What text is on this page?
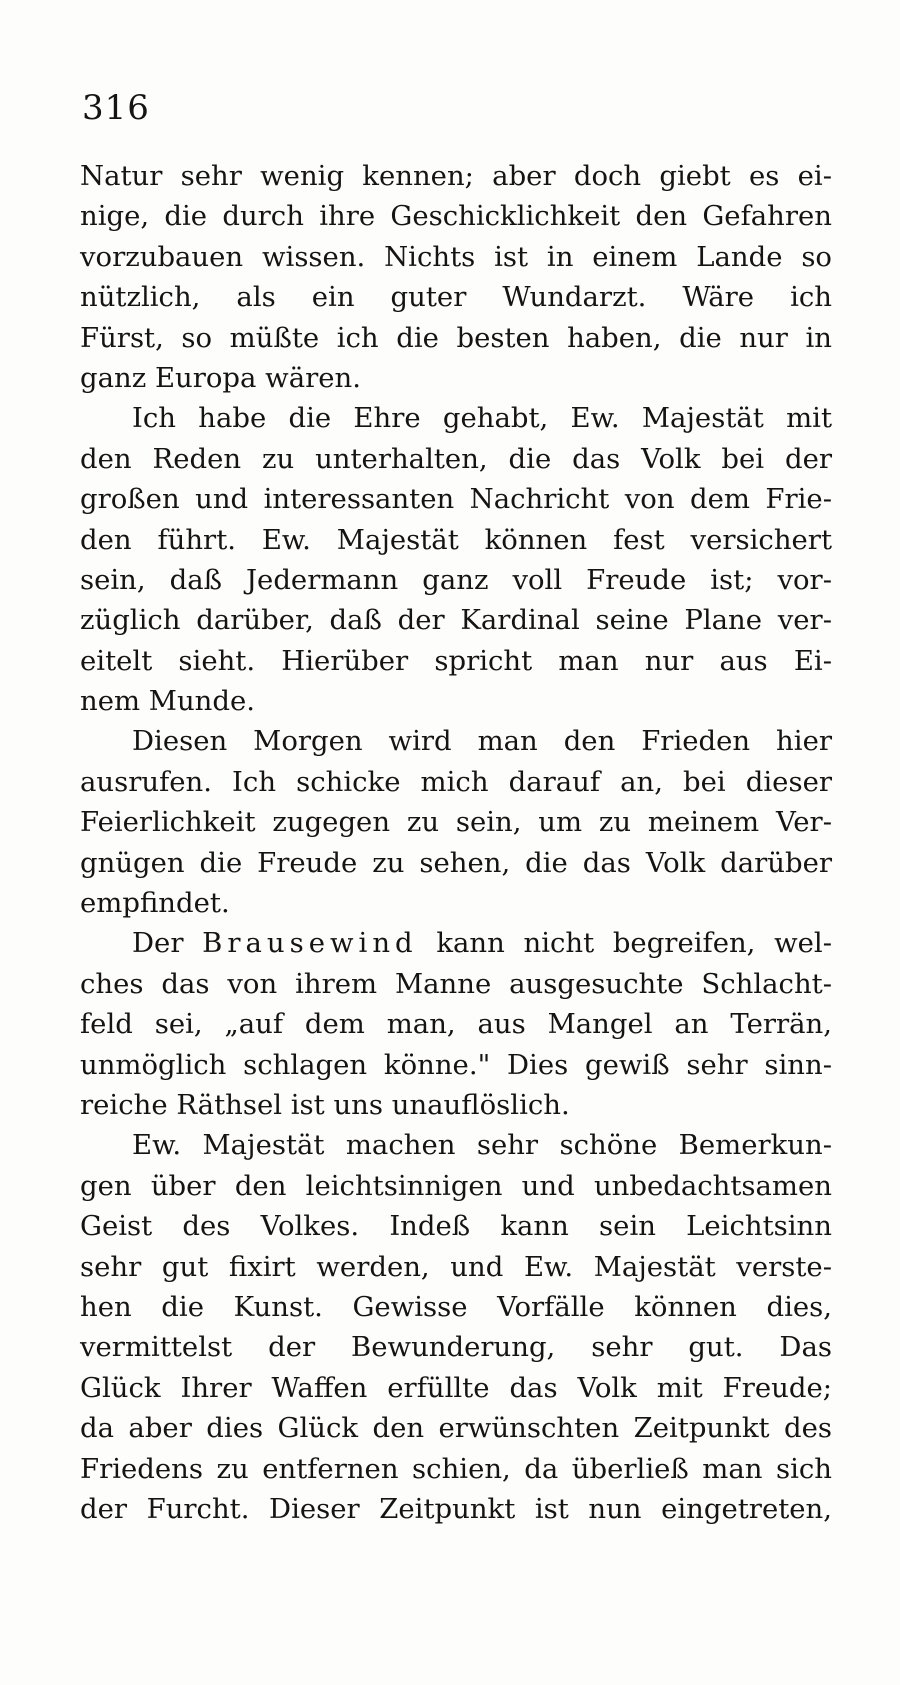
316
Natur sehr wenig kennen; aber doch giebt es ei-
nige, die durch ihre Geschicklichkeit den Gefahren
vorzubauen wissen. Nichts ist in einem Lande so
nützlich, als ein guter Wundarzt. Wäre ich
Fürst, so müßte ich die besten haben, die nur in
ganz Europa wären.
Ich habe die Ehre gehabt, Ew. Majestät mit
den Reden zu unterhalten, die das Volk bei der
großen und interessanten Nachricht von dem Frie-
den führt. Ew. Majestät können fest versichert
sein, daß Jedermann ganz voll Freude ist; vor-
züglich darüber, daß der Kardinal seine Plane ver-
eitelt sieht. Hierüber spricht man nur aus Ei-
nem Munde.
Diesen Morgen wird man den Frieden hier
ausrufen. Ich schicke mich darauf an, bei dieser
Feierlichkeit zugegen zu sein, um zu meinem Ver-
gnügen die Freude zu sehen, die das Volk darüber
empfindet.
Der Brausewind kann nicht begreifen, wel-
ches das von ihrem Manne ausgesuchte Schlacht-
feld sei, „auf dem man, aus Mangel an Terrän,
unmöglich schlagen könne." Dies gewiß sehr sinn-
reiche Räthsel ist uns unauflöslich.
Ew. Majestät machen sehr schöne Bemerkun-
gen über den leichtsinnigen und unbedachtsamen
Geist des Volkes. Indeß kann sein Leichtsinn
sehr gut fixirt werden, und Ew. Majestät verste-
hen die Kunst. Gewisse Vorfälle können dies,
vermittelst der Bewunderung, sehr gut. Das
Glück Ihrer Waffen erfüllte das Volk mit Freude;
da aber dies Glück den erwünschten Zeitpunkt des
Friedens zu entfernen schien, da überließ man sich
der Furcht. Dieser Zeitpunkt ist nun eingetreten,
